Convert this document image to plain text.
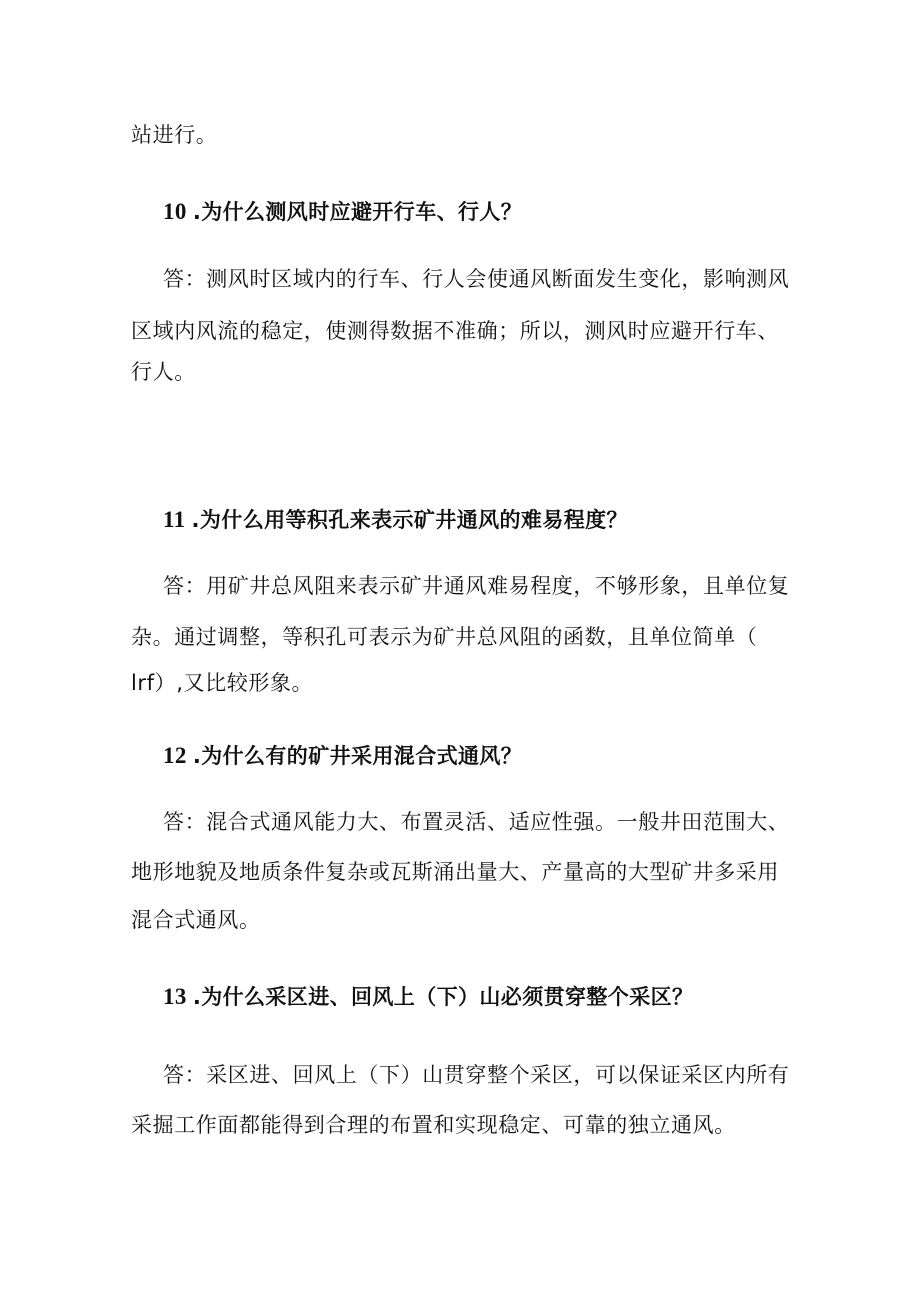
站进行。
10 .为什么测风时应避开行车、行人？
答：测风时区域内的行车、行人会使通风断面发生变化，影响测风
区域内风流的稳定，使测得数据不准确；所以，测风时应避开行车、
行人。
11 .为什么用等积孔来表示矿井通风的难易程度？
答：用矿井总风阻来表示矿井通风难易程度，不够形象，且单位复
杂。通过调整，等积孔可表示为矿井总风阻的函数，且单位简单（
lrf）,又比较形象。
12 .为什么有的矿井采用混合式通风？
答：混合式通风能力大、布置灵活、适应性强。一般井田范围大、
地形地貌及地质条件复杂或瓦斯涌出量大、产量高的大型矿井多采用
混合式通风。
13 .为什么采区进、回风上（下）山必须贯穿整个采区？
答：采区进、回风上（下）山贯穿整个采区，可以保证采区内所有
采掘工作面都能得到合理的布置和实现稳定、可靠的独立通风。
